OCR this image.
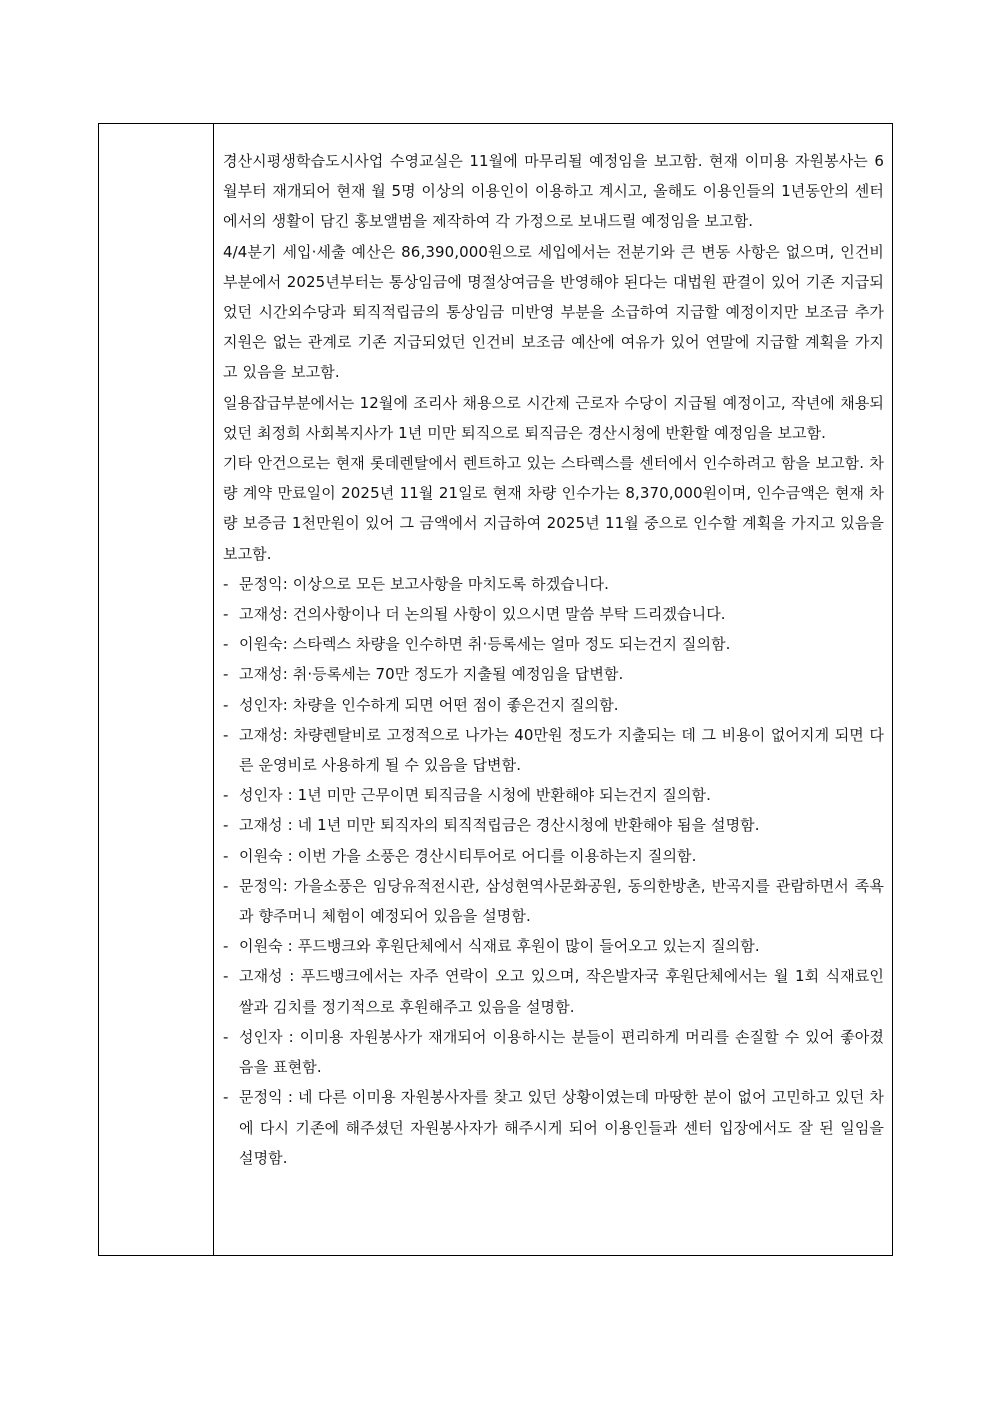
경산시평생학습도시사업 수영교실은 11월에 마무리될 예정임을 보고함. 현재 이미용 자원봉사는 6월부터 재개되어 현재 월 5명 이상의 이용인이 이용하고 계시고, 올해도 이용인들의 1년동안의 센터에서의 생활이 담긴 홍보앨범을 제작하여 각 가정으로 보내드릴 예정임을 보고함.

4/4분기 세입·세출 예산은 86,390,000원으로 세입에서는 전분기와 큰 변동 사항은 없으며, 인건비 부분에서 2025년부터는 통상임금에 명절상여금을 반영해야 된다는 대법원 판결이 있어 기존 지급되었던 시간외수당과 퇴직적립금의 통상임금 미반영 부분을 소급하여 지급할 예정이지만 보조금 추가 지원은 없는 관계로 기존 지급되었던 인건비 보조금 예산에 여유가 있어 연말에 지급할 계획을 가지고 있음을 보고함.

일용잡급부분에서는 12월에 조리사 채용으로 시간제 근로자 수당이 지급될 예정이고, 작년에 채용되었던 최정희 사회복지사가 1년 미만 퇴직으로 퇴직금은 경산시청에 반환할 예정임을 보고함.

기타 안건으로는 현재 롯데렌탈에서 렌트하고 있는 스타렉스를 센터에서 인수하려고 함을 보고함. 차량 계약 만료일이 2025년 11월 21일로 현재 차량 인수가는 8,370,000원이며, 인수금액은 현재 차량 보증금 1천만원이 있어 그 금액에서 지급하여 2025년 11월 중으로 인수할 계획을 가지고 있음을 보고함.

- 문정익: 이상으로 모든 보고사항을 마치도록 하겠습니다.
- 고재성: 건의사항이나 더 논의될 사항이 있으시면 말씀 부탁 드리겠습니다.
- 이원숙: 스타렉스 차량을 인수하면 취·등록세는 얼마 정도 되는건지 질의함.
- 고재성: 취·등록세는 70만 정도가 지출될 예정임을 답변함.
- 성인자: 차량을 인수하게 되면 어떤 점이 좋은건지 질의함.
- 고재성: 차량렌탈비로 고정적으로 나가는 40만원 정도가 지출되는 데 그 비용이 없어지게 되면 다른 운영비로 사용하게 될 수 있음을 답변함.
- 성인자 : 1년 미만 근무이면 퇴직금을 시청에 반환해야 되는건지 질의함.
- 고재성 : 네 1년 미만 퇴직자의 퇴직적립금은 경산시청에 반환해야 됨을 설명함.
- 이원숙 : 이번 가을 소풍은 경산시티투어로 어디를 이용하는지 질의함.
- 문정익: 가을소풍은 임당유적전시관, 삼성현역사문화공원, 동의한방촌, 반곡지를 관람하면서 족욕과 향주머니 체험이 예정되어 있음을 설명함.
- 이원숙 : 푸드뱅크와 후원단체에서 식재료 후원이 많이 들어오고 있는지 질의함.
- 고재성 : 푸드뱅크에서는 자주 연락이 오고 있으며, 작은발자국 후원단체에서는 월 1회 식재료인 쌀과 김치를 정기적으로 후원해주고 있음을 설명함.
- 성인자 : 이미용 자원봉사가 재개되어 이용하시는 분들이 편리하게 머리를 손질할 수 있어 좋아졌음을 표현함.
- 문정익 : 네 다른 이미용 자원봉사자를 찾고 있던 상황이였는데 마땅한 분이 없어 고민하고 있던 차에 다시 기존에 해주셨던 자원봉사자가 해주시게 되어 이용인들과 센터 입장에서도 잘 된 일임을 설명함.
